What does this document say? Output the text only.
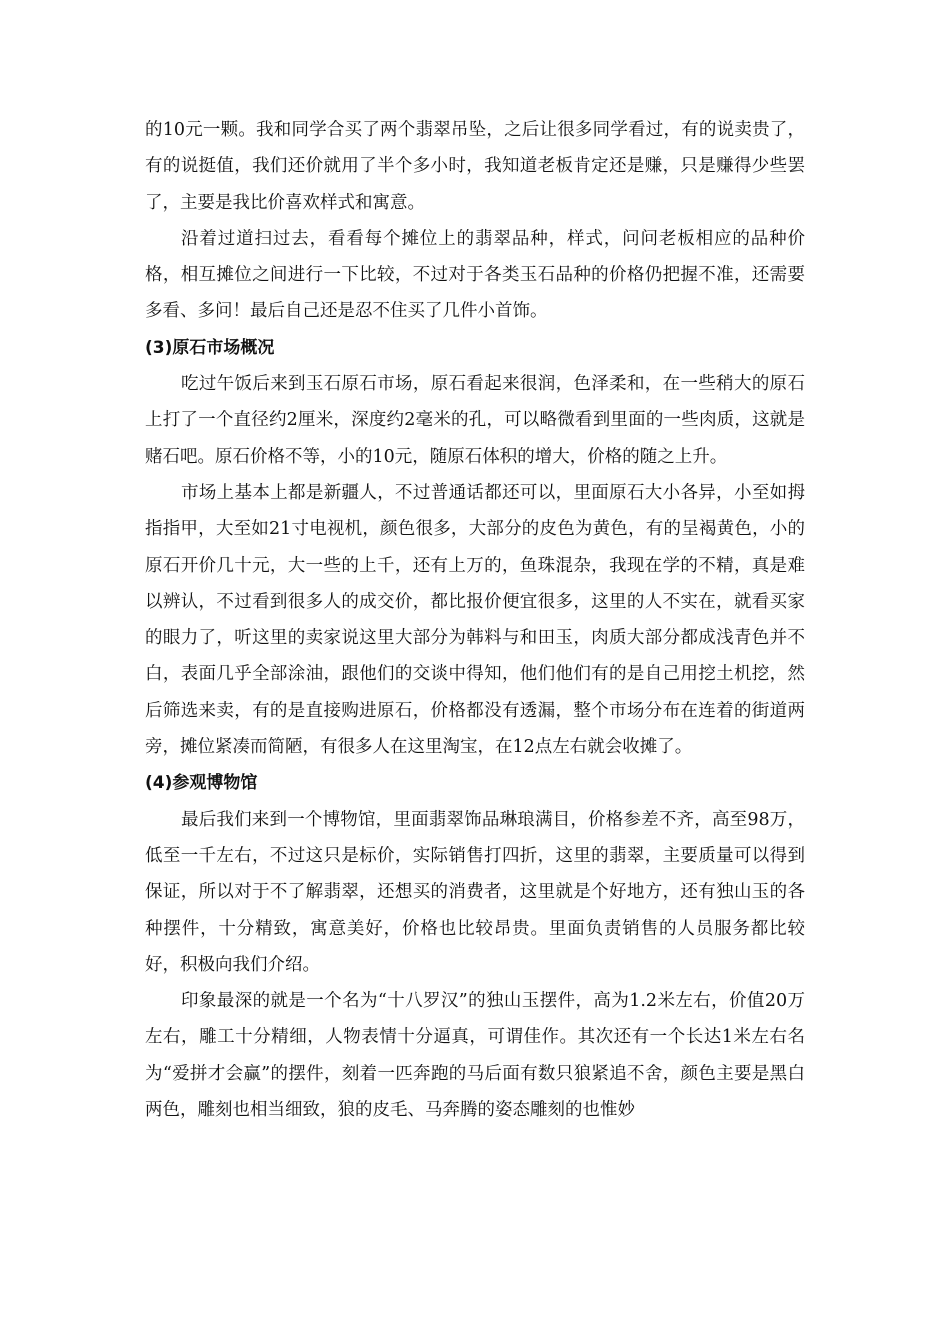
的10元一颗。我和同学合买了两个翡翠吊坠，之后让很多同学看过，有的说卖贵了，有的说挺值，我们还价就用了半个多小时，我知道老板肯定还是赚，只是赚得少些罢了，主要是我比价喜欢样式和寓意。

沿着过道扫过去，看看每个摊位上的翡翠品种，样式，问问老板相应的品种价格，相互摊位之间进行一下比较，不过对于各类玉石品种的价格仍把握不准，还需要多看、多问！最后自己还是忍不住买了几件小首饰。

(3)原石市场概况

吃过午饭后来到玉石原石市场，原石看起来很润，色泽柔和，在一些稍大的原石上打了一个直径约2厘米，深度约2毫米的孔，可以略微看到里面的一些肉质，这就是赌石吧。原石价格不等，小的10元，随原石体积的增大，价格的随之上升。

市场上基本上都是新疆人，不过普通话都还可以，里面原石大小各异，小至如拇指指甲，大至如21寸电视机，颜色很多，大部分的皮色为黄色，有的呈褐黄色，小的原石开价几十元，大一些的上千，还有上万的，鱼珠混杂，我现在学的不精，真是难以辨认，不过看到很多人的成交价，都比报价便宜很多，这里的人不实在，就看买家的眼力了，听这里的卖家说这里大部分为韩料与和田玉，肉质大部分都成浅青色并不白，表面几乎全部涂油，跟他们的交谈中得知，他们他们有的是自己用挖土机挖，然后筛选来卖，有的是直接购进原石，价格都没有透漏，整个市场分布在连着的街道两旁，摊位紧凑而简陋，有很多人在这里淘宝，在12点左右就会收摊了。

(4)参观博物馆

最后我们来到一个博物馆，里面翡翠饰品琳琅满目，价格参差不齐，高至98万，低至一千左右，不过这只是标价，实际销售打四折，这里的翡翠，主要质量可以得到保证，所以对于不了解翡翠，还想买的消费者，这里就是个好地方，还有独山玉的各种摆件，十分精致，寓意美好，价格也比较昂贵。里面负责销售的人员服务都比较好，积极向我们介绍。

印象最深的就是一个名为“十八罗汉”的独山玉摆件，高为1.2米左右，价值20万左右，雕工十分精细，人物表情十分逼真，可谓佳作。其次还有一个长达1米左右名为“爱拼才会赢”的摆件，刻着一匹奔跑的马后面有数只狼紧追不舍，颜色主要是黑白两色，雕刻也相当细致，狼的皮毛、马奔腾的姿态雕刻的也惟妙
